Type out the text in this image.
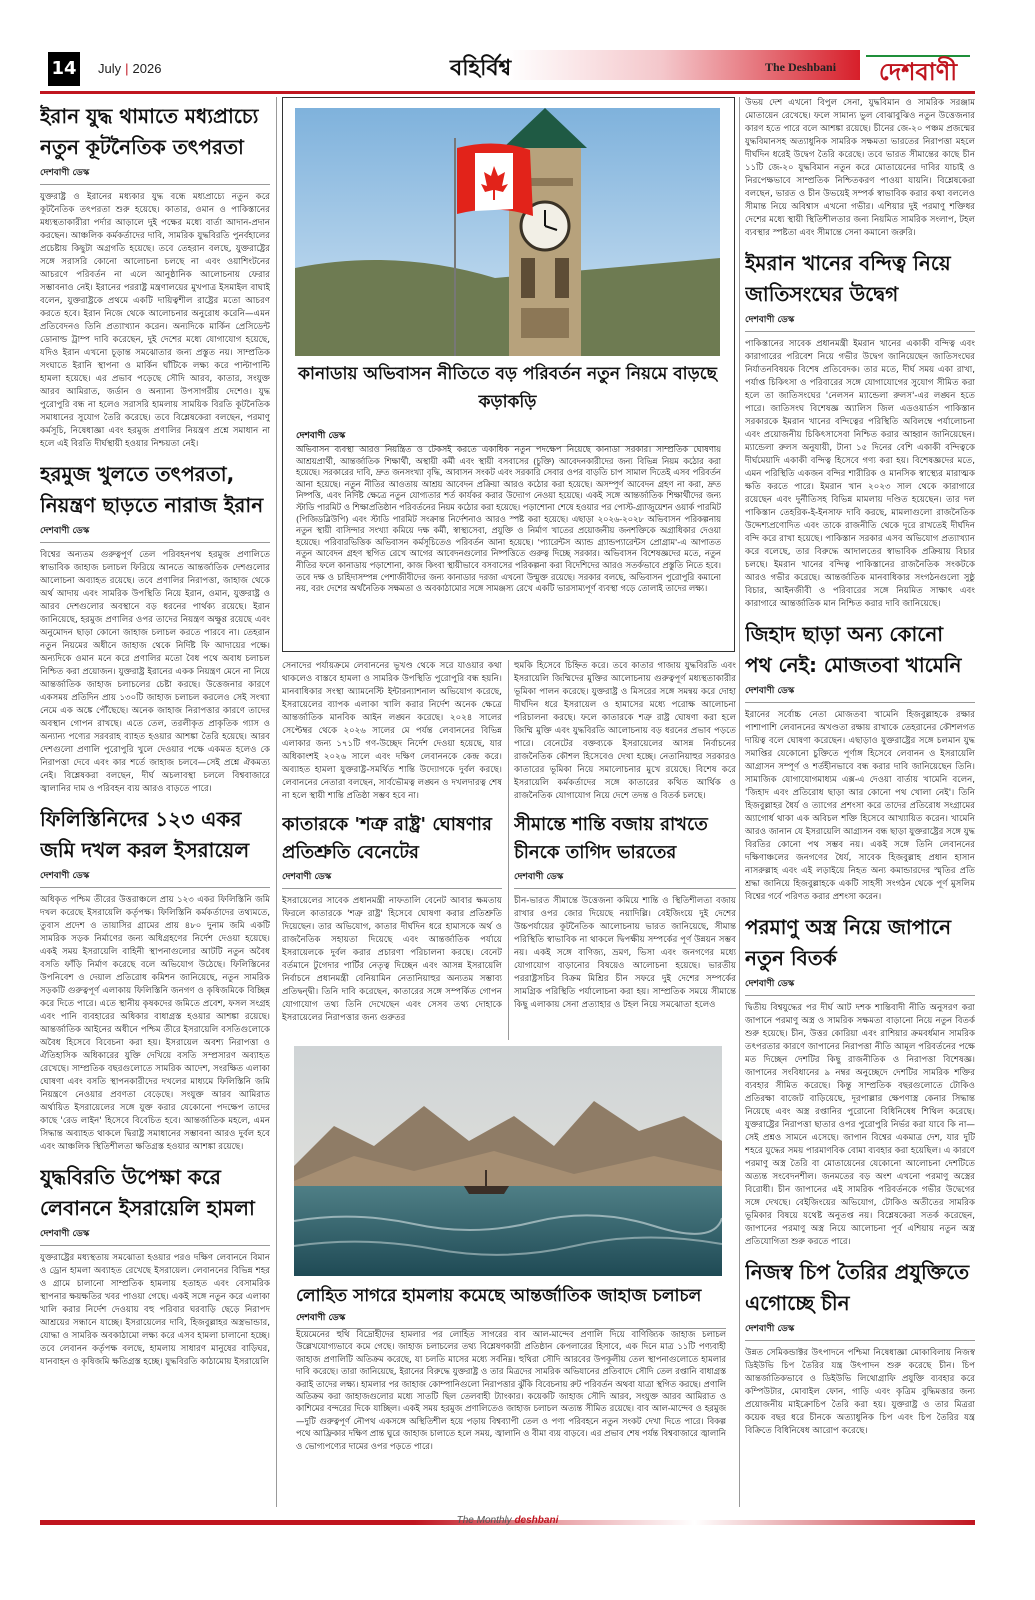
14 July | 2026	বহির্বিশ্ব	The Deshbani দেশবাণী
ইরান যুদ্ধ থামাতে মধ্যপ্রাচ্যে নতুন কূটনৈতিক তৎপরতা
দেশবাণী ডেস্ক
যুক্তরাষ্ট্র ও ইরানের মধ্যকার যুদ্ধ বন্ধে মধ্যপ্রাচ্যে নতুন করে কূটনৈতিক তৎপরতা শুরু হয়েছে। কাতার, ওমান ও পাকিস্তানের মধ্যস্থতাকারীরা পর্দার আড়ালে দুই পক্ষের মধ্যে বার্তা আদান-প্রদান করছেন। আঞ্চলিক কর্মকর্তাদের দাবি, সামরিক যুদ্ধবিরতি পুনর্বহালের প্রচেষ্টায় কিছুটা অগ্রগতি হয়েছে। তবে তেহরান বলছে, যুক্তরাষ্ট্রের সঙ্গে সরাসরি কোনো আলোচনা চলছে না এবং ওয়াশিংটনের আচরণে পরিবর্তন না এলে আনুষ্ঠানিক আলোচনায় ফেরার সম্ভাবনাও নেই। ইরানের পররাষ্ট্র মন্ত্রণালয়ের মুখপাত্র ইসমাইল বাঘাই বলেন, যুক্তরাষ্ট্রকে প্রথমে একটি দায়িত্বশীল রাষ্ট্রের মতো আচরণ করতে হবে। ইরান নিজে থেকে আলোচনার অনুরোধ করেনি—এমন প্রতিবেদনও তিনি প্রত্যাখ্যান করেন। অন্যদিকে মার্কিন প্রেসিডেন্ট ডোনাল্ড ট্রাম্প দাবি করেছেন, দুই দেশের মধ্যে যোগাযোগ হয়েছে, যদিও ইরান এখনো চূড়ান্ত সমঝোতার জন্য প্রস্তুত নয়। সাম্প্রতিক সংঘাতে ইরানি স্থাপনা ও মার্কিন ঘাঁটিকে লক্ষ্য করে পাল্টাপাল্টি হামলা হয়েছে। এর প্রভাব পড়েছে সৌদি আরব, কাতার, সংযুক্ত আরব আমিরাত, জর্ডান ও অন্যান্য উপসাগরীয় দেশেও। যুদ্ধ পুরোপুরি বন্ধ না হলেও সরাসরি হামলায় সাময়িক বিরতি কূটনৈতিক সমাধানের সুযোগ তৈরি করেছে। তবে বিশ্লেষকেরা বলছেন, পরমাণু কর্মসূচি, নিষেধাজ্ঞা এবং হরমুজ প্রণালির নিয়ন্ত্রণ প্রশ্নে সমাধান না হলে এই বিরতি দীর্ঘস্থায়ী হওয়ার নিশ্চয়তা নেই।
হরমুজ খুলতে তৎপরতা, নিয়ন্ত্রণ ছাড়তে নারাজ ইরান
দেশবাণী ডেস্ক
বিশ্বের অন্যতম গুরুত্বপূর্ণ তেল পরিবহনপথ হরমুজ প্রণালিতে স্বাভাবিক জাহাজ চলাচল ফিরিয়ে আনতে আন্তর্জাতিক দেশগুলোর আলোচনা অব্যাহত রয়েছে। তবে প্রণালির নিরাপত্তা, জাহাজ থেকে অর্থ আদায় এবং সামরিক উপস্থিতি নিয়ে ইরান, ওমান, যুক্তরাষ্ট্র ও আরব দেশগুলোর অবস্থানে বড় ধরনের পার্থক্য রয়েছে। ইরান জানিয়েছে, হরমুজ প্রণালির ওপর তাদের নিয়ন্ত্রণ অক্ষুণ্ণ রয়েছে এবং অনুমোদন ছাড়া কোনো জাহাজ চলাচল করতে পারবে না। তেহরান নতুন নিয়মের অধীনে জাহাজ থেকে নির্দিষ্ট ফি আদায়ের পক্ষে। অন্যদিকে ওমান মনে করে প্রণালির মতো বৈধ পথে অবাধ চলাচল নিশ্চিত করা প্রয়োজন। যুক্তরাষ্ট্র ইরানের একক নিয়ন্ত্রণ মেনে না নিয়ে আন্তর্জাতিক জাহাজ চলাচলের চেষ্টা করছে। উত্তেজনার কারণে একসময় প্রতিদিন প্রায় ১৩০টি জাহাজ চলাচল করলেও সেই সংখ্যা নেমে এক অঙ্কে পৌঁছেছে। অনেক জাহাজ নিরাপত্তার কারণে তাদের অবস্থান গোপন রাখছে। এতে তেল, তরলীকৃত প্রাকৃতিক গ্যাস ও অন্যান্য পণ্যের সরবরাহ ব্যাহত হওয়ার আশঙ্কা তৈরি হয়েছে। আরব দেশগুলো প্রণালি পুরোপুরি খুলে দেওয়ার পক্ষে একমত হলেও কে নিরাপত্তা দেবে এবং কার শর্তে জাহাজ চলবে—সেই প্রশ্নে ঐকমত্য নেই। বিশ্লেষকরা বলছেন, দীর্ঘ অচলাবস্থা চললে বিশ্ববাজারে জ্বালানির দাম ও পরিবহন ব্যয় আরও বাড়তে পারে।
ফিলিস্তিনিদের ১২৩ একর জমি দখল করল ইসরায়েল
দেশবাণী ডেস্ক
অধিকৃত পশ্চিম তীরের উত্তরাঞ্চলে প্রায় ১২৩ একর ফিলিস্তিনি জমি দখল করেছে ইসরায়েলি কর্তৃপক্ষ। ফিলিস্তিনি কর্মকর্তাদের তথ্যমতে, তুবাস প্রদেশ ও তায়াসির গ্রামের প্রায় ৪৮০ দুনাম জমি একটি সামরিক সড়ক নির্মাণের জন্য অধিগ্রহণের নির্দেশ দেওয়া হয়েছে। একই সময় ইসরায়েলি বাহিনী স্থাপনাগুলোর আটটি নতুন অবৈধ বসতি ফাঁড়ি নির্মাণ করেছে বলে অভিযোগ উঠেছে। ফিলিস্তিনের উপনিবেশ ও দেয়াল প্রতিরোধ কমিশন জানিয়েছে, নতুন সামরিক সড়কটি গুরুত্বপূর্ণ এলাকায় ফিলিস্তিনি জনগণ ও কৃষিজমিকে বিচ্ছিন্ন করে দিতে পারে। এতে স্থানীয় কৃষকদের জমিতে প্রবেশ, ফসল সংগ্রহ এবং পানি ব্যবহারের অধিকার বাধাগ্রস্ত হওয়ার আশঙ্কা রয়েছে। আন্তর্জাতিক আইনের অধীনে পশ্চিম তীরে ইসরায়েলি বসতিগুলোকে অবৈধ হিসেবে বিবেচনা করা হয়। ইসরায়েল অবশ্য নিরাপত্তা ও ঐতিহাসিক অধিকারের যুক্তি দেখিয়ে বসতি সম্প্রসারণ অব্যাহত রেখেছে। সাম্প্রতিক বছরগুলোতে সামরিক আদেশ, সংরক্ষিত এলাকা ঘোষণা এবং বসতি স্থাপনকারীদের দখলের মাধ্যমে ফিলিস্তিনি জমি নিয়ন্ত্রণে নেওয়ার প্রবণতা বেড়েছে। সংযুক্ত আরব আমিরাত অর্থায়িত ইসরায়েলের সঙ্গে যুক্ত করার যেকোনো পদক্ষেপ তাদের কাছে 'রেড লাইন' হিসেবে বিবেচিত হবে। আন্তর্জাতিক মহলে, এমন সিদ্ধান্ত অব্যাহত থাকলে দ্বিরাষ্ট্র সমাধানের সম্ভাবনা আরও দুর্বল হবে এবং আঞ্চলিক স্থিতিশীলতা ক্ষতিগ্রস্ত হওয়ার আশঙ্কা রয়েছে।
যুদ্ধবিরতি উপেক্ষা করে লেবাননে ইসরায়েলি হামলা
দেশবাণী ডেস্ক
যুক্তরাষ্ট্রের মধ্যস্থতায় সমঝোতা হওয়ার পরও দক্ষিণ লেবাননে বিমান ও ড্রোন হামলা অব্যাহত রেখেছে ইসরায়েল। লেবাননের বিভিন্ন শহর ও গ্রামে চালানো সাম্প্রতিক হামলায় হতাহত এবং বেসামরিক স্থাপনার ক্ষয়ক্ষতির খবর পাওয়া গেছে। একই সঙ্গে নতুন করে এলাকা খালি করার নির্দেশ দেওয়ায় বহু পরিবার ঘরবাড়ি ছেড়ে নিরাপদ আশ্রয়ের সন্ধানে যাচ্ছে। ইসরায়েলের দাবি, হিজবুল্লাহর অস্ত্রভান্ডার, যোদ্ধা ও সামরিক অবকাঠামো লক্ষ্য করে এসব হামলা চালানো হচ্ছে। তবে লেবানন কর্তৃপক্ষ বলছে, হামলায় সাধারণ মানুষের বাড়িঘর, যানবাহন ও কৃষিজমি ক্ষতিগ্রস্ত হচ্ছে। যুদ্ধবিরতি কাঠামোয় ইসরায়েলি
কানাডায় অভিবাসন নীতিতে বড় পরিবর্তন নতুন নিয়মে বাড়ছে কড়াকড়ি
দেশবাণী ডেস্ক
অভিবাসন ব্যবস্থা আরও নিয়ন্ত্রিত ও টেকসই করতে একাধিক নতুন পদক্ষেপ নিয়েছে কানাডা সরকার। সাম্প্রতিক ঘোষণায় আশ্রয়প্রার্থী, আন্তর্জাতিক শিক্ষার্থী, অস্থায়ী কর্মী এবং স্থায়ী বসবাসের (চুক্তি) আবেদনকারীদের জন্য বিভিন্ন নিয়ম কঠোর করা হয়েছে। সরকারের দাবি, দ্রুত জনসংখ্যা বৃদ্ধি, আবাসন সংকট এবং সরকারি সেবার ওপর বাড়তি চাপ সামাল দিতেই এসব পরিবর্তন আনা হয়েছে। নতুন নীতির আওতায় আশ্রয় আবেদন প্রক্রিয়া আরও কঠোর করা হয়েছে। অসম্পূর্ণ আবেদন গ্রহণ না করা, দ্রুত নিষ্পত্তি, এবং নির্দিষ্ট ক্ষেত্রে নতুন যোগ্যতার শর্ত কার্যকর করার উদ্যোগ নেওয়া হয়েছে। একই সঙ্গে আন্তর্জাতিক শিক্ষার্থীদের জন্য স্টাডি পারমিট ও শিক্ষাপ্রতিষ্ঠান পরিবর্তনের নিয়ম কঠোর করা হয়েছে। পড়াশোনা শেষে হওয়ার পর পোস্ট-গ্র্যাজুয়েশন ওয়ার্ক পারমিট (পিজিডব্লিউপি) এবং স্টাডি পারমিট সংক্রান্ত নির্দেশনাও আরও স্পষ্ট করা হয়েছে। এছাড়া ২০২৬-২০২৮ অভিবাসন পরিকল্পনায় নতুন স্থায়ী বাসিন্দার সংখ্যা কমিয়ে দক্ষ কর্মী, স্বাস্থ্যসেবা, প্রযুক্তি ও নির্মাণ খাতের প্রয়োজনীয় জনশক্তিকে অগ্রাধিকার দেওয়া হয়েছে। পরিবারভিত্তিক অভিবাসন কর্মসূচিতেও পরিবর্তন আনা হয়েছে। 'প্যারেন্টস অ্যান্ড গ্র্যান্ডপ্যারেন্টস প্রোগ্রাম'-এ আপাতত নতুন আবেদন গ্রহণ স্থগিত রেখে আগের আবেদনগুলোর নিষ্পত্তিতে গুরুত্ব দিচ্ছে সরকার। অভিবাসন বিশেষজ্ঞদের মতে, নতুন নীতির ফলে কানাডায় পড়াশোনা, কাজ কিংবা স্থায়ীভাবে বসবাসের পরিকল্পনা করা বিদেশিদের আরও সতর্কভাবে প্রস্তুতি নিতে হবে। তবে দক্ষ ও চাহিদাসম্পন্ন পেশাজীবীদের জন্য কানাডার দরজা এখনো উন্মুক্ত রয়েছে। সরকার বলছে, অভিবাসন পুরোপুরি কমানো নয়, বরং দেশের অর্থনৈতিক সক্ষমতা ও অবকাঠামোর সঙ্গে সামঞ্জস্য রেখে একটি ভারসাম্যপূর্ণ ব্যবস্থা গড়ে তোলাই তাদের লক্ষ্য।
সেনাদের পর্যায়ক্রমে লেবাননের ভূখণ্ড থেকে সরে যাওয়ার কথা থাকলেও বাস্তবে হামলা ও সামরিক উপস্থিতি পুরোপুরি বন্ধ হয়নি। মানবাধিকার সংস্থা অ্যামনেস্টি ইন্টারন্যাশনাল অভিযোগ করেছে, ইসরায়েলের ব্যাপক এলাকা খালি করার নির্দেশ অনেক ক্ষেত্রে আন্তর্জাতিক মানবিক আইন লঙ্ঘন করেছে। ২০২৪ সালের সেপ্টেম্বর থেকে ২০২৬ সালের মে পর্যন্ত লেবাননের বিভিন্ন এলাকার জন্য ১৭১টি গণ-উচ্ছেদ নির্দেশ দেওয়া হয়েছে, যার অধিকাংশই ২০২৬ সালে এবং দক্ষিণ লেবাননকে কেন্দ্র করে। অব্যাহত হামলা যুক্তরাষ্ট্র-সমর্থিত শান্তি উদ্যোগকে দুর্বল করছে। লেবাননের নেতারা বলছেন, সার্বভৌমত্ব লঙ্ঘন ও দখলদারত্ব শেষ না হলে স্থায়ী শান্তি প্রতিষ্ঠা সম্ভব হবে না।
কাতারকে 'শত্রু রাষ্ট্র' ঘোষণার প্রতিশ্রুতি বেনেটের
দেশবাণী ডেস্ক
ইসরায়েলের সাবেক প্রধানমন্ত্রী নাফতালি বেনেট আবার ক্ষমতায় ফিরলে কাতারকে 'শত্রু রাষ্ট্র' হিসেবে ঘোষণা করার প্রতিশ্রুতি দিয়েছেন। তার অভিযোগ, কাতার দীর্ঘদিন ধরে হামাসকে অর্থ ও রাজনৈতিক সহায়তা দিয়েছে এবং আন্তর্জাতিক পর্যায়ে ইসরায়েলকে দুর্বল করার প্রচারণা পরিচালনা করছে। বেনেট বর্তমানে টুগেদার পার্টির নেতৃত্ব দিচ্ছেন এবং আসন্ন ইসরায়েলি নির্বাচনে প্রধানমন্ত্রী বেনিয়ামিন নেতানিয়াহুর অন্যতম সম্ভাব্য প্রতিদ্বন্দ্বী। তিনি দাবি করেছেন, কাতারের সঙ্গে সম্পর্কিত গোপন যোগাযোগ তথ্য তিনি দেখেছেন এবং সেসব তথ্য দোহাকে ইসরায়েলের নিরাপত্তার জন্য গুরুতর
হুমকি হিসেবে চিহ্নিত করে। তবে কাতার গাজায় যুদ্ধবিরতি এবং ইসরায়েলি জিম্মিদের মুক্তির আলোচনায় গুরুত্বপূর্ণ মধ্যস্থতাকারীর ভূমিকা পালন করেছে। যুক্তরাষ্ট্র ও মিসরের সঙ্গে সমন্বয় করে দোহা দীর্ঘদিন ধরে ইসরায়েল ও হামাসের মধ্যে পরোক্ষ আলোচনা পরিচালনা করছে। ফলে কাতারকে শত্রু রাষ্ট্র ঘোষণা করা হলে জিম্মি মুক্তি এবং যুদ্ধবিরতি আলোচনায় বড় ধরনের প্রভাব পড়তে পারে। বেনেটের বক্তব্যকে ইসরায়েলের আসন্ন নির্বাচনের রাজনৈতিক কৌশল হিসেবেও দেখা হচ্ছে। নেতানিয়াহুর সরকারও কাতারের ভূমিকা নিয়ে সমালোচনার মুখে রয়েছে। বিশেষ করে ইসরায়েলি কর্মকর্তাদের সঙ্গে কাতারের কথিত আর্থিক ও রাজনৈতিক যোগাযোগ নিয়ে দেশে তদন্ত ও বিতর্ক চলছে।
সীমান্তে শান্তি বজায় রাখতে চীনকে তাগিদ ভারতের
দেশবাণী ডেস্ক
চীন-ভারত সীমান্তে উত্তেজনা কমিয়ে শান্তি ও স্থিতিশীলতা বজায় রাখার ওপর জোর দিয়েছে নয়াদিল্লি। বেইজিংয়ে দুই দেশের উচ্চপর্যায়ের কূটনৈতিক আলোচনায় ভারত জানিয়েছে, সীমান্ত পরিস্থিতি স্বাভাবিক না থাকলে দ্বিপক্ষীয় সম্পর্কের পূর্ণ উন্নয়ন সম্ভব নয়। একই সঙ্গে বাণিজ্য, ভ্রমণ, ভিসা এবং জনগণের মধ্যে যোগাযোগ বাড়ানোর বিষয়েও আলোচনা হয়েছে। ভারতীয় পররাষ্ট্রসচিব বিক্রম মিশ্রির চীন সফরে দুই দেশের সম্পর্কের সামগ্রিক পরিস্থিতি পর্যালোচনা করা হয়। সাম্প্রতিক সময়ে সীমান্তে কিছু এলাকায় সেনা প্রত্যাহার ও টহল নিয়ে সমঝোতা হলেও
লোহিত সাগরে হামলায় কমেছে আন্তর্জাতিক জাহাজ চলাচল
দেশবাণী ডেস্ক
ইয়েমেনের হুথি বিদ্রোহীদের হামলার পর লোহিত সাগরের বাব আল-মান্দেব প্রণালি দিয়ে বাণিজ্যিক জাহাজ চলাচল উল্লেখযোগ্যভাবে কমে গেছে। জাহাজ চলাচলের তথ্য বিশ্লেষণকারী প্রতিষ্ঠান কেপলারের হিসাবে, এক দিনে মাত্র ১১টি পণ্যবাহী জাহাজ প্রণালিটি অতিক্রম করেছে, যা চলতি মাসের মধ্যে সর্বনিম্ন। হুথিরা সৌদি আরবের উপকূলীয় তেল স্থাপনাগুলোতে হামলার দাবি করেছে। তারা জানিয়েছে, ইরানের বিরুদ্ধে যুক্তরাষ্ট্র ও তার মিত্রদের সামরিক অভিযানের প্রতিবাদে সৌদি তেল রপ্তানি বাধাগ্রস্ত করাই তাদের লক্ষ্য। হামলার পর জাহাজ কোম্পানিগুলো নিরাপত্তার ঝুঁকি বিবেচনায় রুট পরিবর্তন অথবা যাত্রা স্থগিত করছে। প্রণালি অতিক্রম করা জাহাজগুলোর মধ্যে সাতটি ছিল তেলবাহী ট্যাংকার। কয়েকটি জাহাজ সৌদি আরব, সংযুক্ত আরব আমিরাত ও কাশিমের বন্দরের দিকে যাচ্ছিল। একই সময় হরমুজ প্রণালিতেও জাহাজ চলাচল অত্যন্ত সীমিত রয়েছে। বাব আল-মান্দেব ও হরমুজ—দুটি গুরুত্বপূর্ণ নৌপথ একসঙ্গে অস্থিতিশীল হয়ে পড়ায় বিশ্বব্যাপী তেল ও পণ্য পরিবহনে নতুন সংকট দেখা দিতে পারে। বিকল্প পথে আফ্রিকার দক্ষিণ প্রান্ত ঘুরে জাহাজ চালাতে হলে সময়, জ্বালানি ও বীমা ব্যয় বাড়বে। এর প্রভাব শেষ পর্যন্ত বিশ্ববাজারে জ্বালানি ও ভোগ্যপণ্যের দামের ওপর পড়তে পারে।
উভয় দেশ এখনো বিপুল সেনা, যুদ্ধবিমান ও সামরিক সরঞ্জাম মোতায়েন রেখেছে। ফলে সামান্য ভুল বোঝাবুঝিও নতুন উত্তেজনার কারণ হতে পারে বলে আশঙ্কা রয়েছে। চীনের জে-২০ পঞ্চম প্রজন্মের যুদ্ধবিমানসহ অত্যাধুনিক সামরিক সক্ষমতা ভারতের নিরাপত্তা মহলে দীর্ঘদিন ধরেই উদ্বেগ তৈরি করেছে। তবে ভারত সীমান্তের কাছে চীন ১১টি জে-২০ যুদ্ধবিমান নতুন করে মোতায়েনের দাবির যাচাই ও নিরপেক্ষভাবে সাম্প্রতিক নিশ্চিতকরণ পাওয়া যায়নি। বিশ্লেষকেরা বলছেন, ভারত ও চীন উভয়েই সম্পর্ক স্বাভাবিক করার কথা বললেও সীমান্ত নিয়ে অবিশ্বাস এখনো গভীর। এশিয়ার দুই পরমাণু শক্তিধর দেশের মধ্যে স্থায়ী স্থিতিশীলতার জন্য নিয়মিত সামরিক সংলাপ, টহল ব্যবস্থার স্পষ্টতা এবং সীমান্তে সেনা কমানো জরুরি।
ইমরান খানের বন্দিত্ব নিয়ে জাতিসংঘের উদ্বেগ
দেশবাণী ডেস্ক
পাকিস্তানের সাবেক প্রধানমন্ত্রী ইমরান খানের একাকী বন্দিত্ব এবং কারাগারের পরিবেশ নিয়ে গভীর উদ্বেগ জানিয়েছেন জাতিসংঘের নির্যাতনবিষয়ক বিশেষ প্রতিবেদক। তার মতে, দীর্ঘ সময় একা রাখা, পর্যাপ্ত চিকিৎসা ও পরিবারের সঙ্গে যোগাযোগের সুযোগ সীমিত করা হলে তা জাতিসংঘের 'নেলসন ম্যান্ডেলা রুলস'-এর লঙ্ঘন হতে পারে। জাতিসংঘ বিশেষজ্ঞ অ্যালিস জিল এডওয়ার্ডস পাকিস্তান সরকারকে ইমরান খানের বন্দিত্বের পরিস্থিতি অবিলম্বে পর্যালোচনা এবং প্রয়োজনীয় চিকিৎসাসেবা নিশ্চিত করার আহ্বান জানিয়েছেন। ম্যান্ডেলা রুলস অনুযায়ী, টানা ১৫ দিনের বেশি একাকী বন্দিত্বকে দীর্ঘমেয়াদি একাকী বন্দিত্ব হিসেবে গণ্য করা হয়। বিশেষজ্ঞদের মতে, এমন পরিস্থিতি একজন বন্দির শারীরিক ও মানসিক স্বাস্থ্যের মারাত্মক ক্ষতি করতে পারে। ইমরান খান ২০২৩ সাল থেকে কারাগারে রয়েছেন এবং দুর্নীতিসহ বিভিন্ন মামলায় দণ্ডিত হয়েছেন। তার দল পাকিস্তান তেহরিক-ই-ইনসাফ দাবি করছে, মামলাগুলো রাজনৈতিক উদ্দেশ্যপ্রণোদিত এবং তাকে রাজনীতি থেকে দূরে রাখতেই দীর্ঘদিন বন্দি করে রাখা হয়েছে। পাকিস্তান সরকার এসব অভিযোগ প্রত্যাখ্যান করে বলেছে, তার বিরুদ্ধে আদালতের স্বাভাবিক প্রক্রিয়ায় বিচার চলছে। ইমরান খানের বন্দিত্ব পাকিস্তানের রাজনৈতিক সংকটকে আরও গভীর করেছে। আন্তর্জাতিক মানবাধিকার সংগঠনগুলো সুষ্ঠু বিচার, আইনজীবী ও পরিবারের সঙ্গে নিয়মিত সাক্ষাৎ এবং কারাগারে আন্তর্জাতিক মান নিশ্চিত করার দাবি জানিয়েছে।
জিহাদ ছাড়া অন্য কোনো পথ নেই: মোজতবা খামেনি
দেশবাণী ডেস্ক
ইরানের সর্বোচ্চ নেতা মোজতবা খামেনি হিজবুল্লাহকে রক্ষার পাশাপাশি লেবাননের অখণ্ডতা রক্ষায় রাখাকে তেহরানের কৌশলগত দায়িত্ব বলে ঘোষণা করেছেন। এছাড়াও যুক্তরাষ্ট্রের সঙ্গে চলমান যুদ্ধ সমাপ্তির যেকোনো চুক্তিতে পূর্ণাঙ্গ হিসেবে লেবানন ও ইসরায়েলি আগ্রাসন সম্পূর্ণ ও শর্তহীনভাবে বন্ধ করার দাবি জানিয়েছেন তিনি। সামাজিক যোগাযোগমাধ্যম এক্স-এ দেওয়া বার্তায় খামেনি বলেন, 'জিহাদ এবং প্রতিরোধ ছাড়া আর কোনো পথ খোলা নেই'। তিনি হিজবুল্লাহর ধৈর্য ও ত্যাগের প্রশংসা করে তাদের প্রতিরোধ সংগ্রামের অ্যাগোর্ধ থাকা এক অবিচল শক্তি হিসেবে আখ্যায়িত করেন। খামেনি আরও জানান যে ইসরায়েলি আগ্রাসন বন্ধ ছাড়া যুক্তরাষ্ট্রের সঙ্গে যুদ্ধ বিরতির কোনো পথ সম্ভব নয়। একই সঙ্গে তিনি লেবাননের দক্ষিণাঞ্চলের জনগণের ধৈর্য, সাবেক হিজবুল্লাহ প্রধান হাসান নাসরুল্লাহ এবং এই লড়াইয়ে নিহত অন্য কমান্ডারদের স্মৃতির প্রতি শ্রদ্ধা জানিয়ে হিজবুল্লাহকে একটি সাহসী সংগঠন থেকে পূর্ণ মুসলিম বিশ্বের গর্বে পরিণত করার প্রশংসা করেন।
পরমাণু অস্ত্র নিয়ে জাপানে নতুন বিতর্ক
দেশবাণী ডেস্ক
দ্বিতীয় বিশ্বযুদ্ধের পর দীর্ঘ আট দশক শান্তিবাদী নীতি অনুসরণ করা জাপানে পরমাণু অস্ত্র ও সামরিক সক্ষমতা বাড়ানো নিয়ে নতুন বিতর্ক শুরু হয়েছে। চীন, উত্তর কোরিয়া এবং রাশিয়ার ক্রমবর্ধমান সামরিক তৎপরতার কারণে জাপানের নিরাপত্তা নীতি আমূল পরিবর্তনের পক্ষে মত দিচ্ছেন দেশটির কিছু রাজনীতিক ও নিরাপত্তা বিশেষজ্ঞ। জাপানের সংবিধানের ৯ নম্বর অনুচ্ছেদে দেশটির সামরিক শক্তির ব্যবহার সীমিত করেছে। কিন্তু সাম্প্রতিক বছরগুলোতে টোকিও প্রতিরক্ষা বাজেট বাড়িয়েছে, দূরপাল্লার ক্ষেপণাস্ত্র কেনার সিদ্ধান্ত নিয়েছে এবং অস্ত্র রপ্তানির পুরোনো বিধিনিষেধ শিথিল করেছে। যুক্তরাষ্ট্রের নিরাপত্তা ছাতার ওপর পুরোপুরি নির্ভর করা যাবে কি না—সেই প্রশ্নও সামনে এসেছে। জাপান বিশ্বের একমাত্র দেশ, যার দুটি শহরে যুদ্ধের সময় পারমাণবিক বোমা ব্যবহার করা হয়েছিল। এ কারণে পরমাণু অস্ত্র তৈরি বা মোতায়েনের যেকোনো আলোচনা দেশটিতে অত্যন্ত সংবেদনশীল। জনমতের বড় অংশ এখনো পরমাণু অস্ত্রের বিরোধী। চীন জাপানের এই সামরিক পরিবর্তনকে গভীর উদ্বেগের সঙ্গে দেখছে। বেইজিংয়ের অভিযোগ, টোকিও অতীতের সামরিক ভূমিকার বিষয়ে যথেষ্ট অনুতপ্ত নয়। বিশ্লেষকেরা সতর্ক করেছেন, জাপানের পরমাণু অস্ত্র নিয়ে আলোচনা পূর্ব এশিয়ায় নতুন অস্ত্র প্রতিযোগিতা শুরু করতে পারে।
নিজস্ব চিপ তৈরির প্রযুক্তিতে এগোচ্ছে চীন
দেশবাণী ডেস্ক
উন্নত সেমিকন্ডাক্টর উৎপাদনে পশ্চিমা নিষেধাজ্ঞা মোকাবিলায় নিজস্ব ডিইউভি চিপ তৈরির যন্ত্র উৎপাদন শুরু করেছে চীন। চিপ আন্তর্জাতিকভাবে ও ডিইউভি লিথোগ্রাফি প্রযুক্তি ব্যবহার করে কম্পিউটার, মোবাইল ফোন, গাড়ি এবং কৃত্রিম বুদ্ধিমত্তার জন্য প্রয়োজনীয় মাইক্রোচিপ তৈরি করা হয়। যুক্তরাষ্ট্র ও তার মিত্ররা কয়েক বছর ধরে চীনকে অত্যাধুনিক চিপ এবং চিপ তৈরির যন্ত্র বিক্রিতে বিধিনিষেধ আরোপ করেছে।
The Monthly deshbani
